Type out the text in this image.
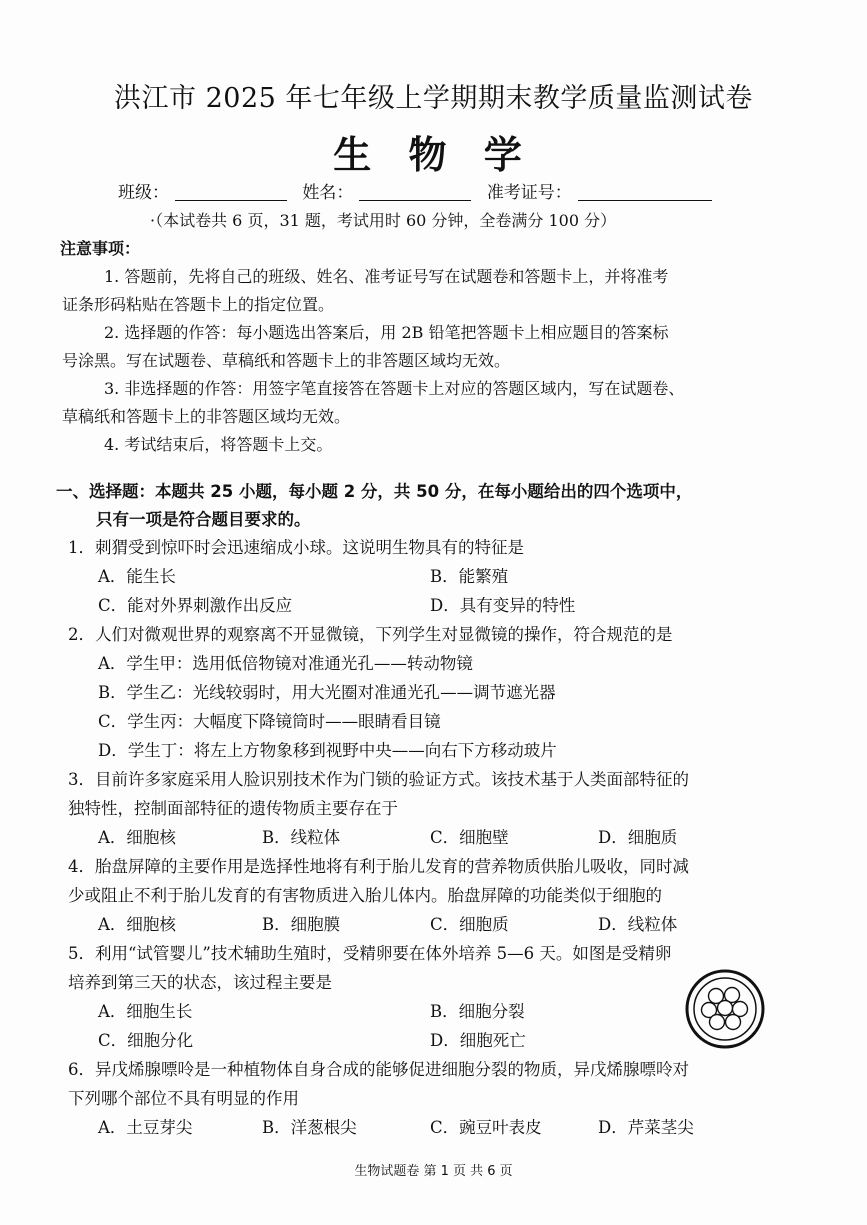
洪江市 2025 年七年级上学期期末教学质量监测试卷
生 物 学
班级：	姓名：	准考证号：
·（本试卷共 6 页，31 题，考试用时 60 分钟，全卷满分 100 分）
注意事项：
1. 答题前，先将自己的班级、姓名、准考证号写在试题卷和答题卡上，并将准考
证条形码粘贴在答题卡上的指定位置。
2. 选择题的作答：每小题选出答案后，用 2B 铅笔把答题卡上相应题目的答案标
号涂黑。写在试题卷、草稿纸和答题卡上的非答题区域均无效。
3. 非选择题的作答：用签字笔直接答在答题卡上对应的答题区域内，写在试题卷、
草稿纸和答题卡上的非答题区域均无效。
4. 考试结束后，将答题卡上交。
一、选择题：本题共 25 小题，每小题 2 分，共 50 分，在每小题给出的四个选项中，
只有一项是符合题目要求的。
1．刺猬受到惊吓时会迅速缩成小球。这说明生物具有的特征是
A．能生长	B．能繁殖
C．能对外界刺激作出反应	D．具有变异的特性
2．人们对微观世界的观察离不开显微镜，下列学生对显微镜的操作，符合规范的是
A．学生甲：选用低倍物镜对准通光孔——转动物镜
B．学生乙：光线较弱时，用大光圈对准通光孔——调节遮光器
C．学生丙：大幅度下降镜筒时——眼睛看目镜
D．学生丁：将左上方物象移到视野中央——向右下方移动玻片
3．目前许多家庭采用人脸识别技术作为门锁的验证方式。该技术基于人类面部特征的
独特性，控制面部特征的遗传物质主要存在于
A．细胞核	B．线粒体	C．细胞壁	D．细胞质
4．胎盘屏障的主要作用是选择性地将有利于胎儿发育的营养物质供胎儿吸收，同时减
少或阻止不利于胎儿发育的有害物质进入胎儿体内。胎盘屏障的功能类似于细胞的
A．细胞核	B．细胞膜	C．细胞质	D．线粒体
5．利用“试管婴儿”技术辅助生殖时，受精卵要在体外培养 5—6 天。如图是受精卵
培养到第三天的状态，该过程主要是
A．细胞生长	B．细胞分裂
C．细胞分化	D．细胞死亡
6．异戊烯腺嘌呤是一种植物体自身合成的能够促进细胞分裂的物质，异戊烯腺嘌呤对
下列哪个部位不具有明显的作用
A．土豆芽尖	B．洋葱根尖	C．豌豆叶表皮	D．芹菜茎尖
生物试题卷 第 1 页 共 6 页
